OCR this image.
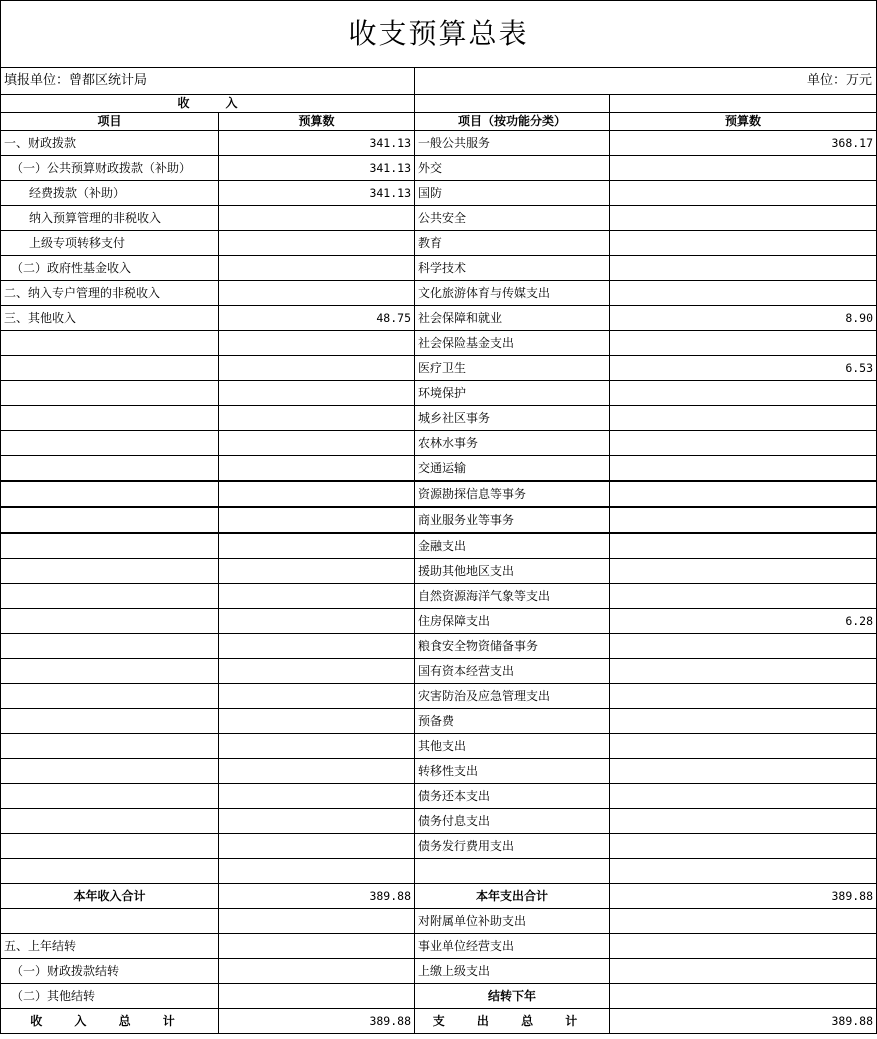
收支预算总表			
填报单位：曾都区统计局		单位：万元	
收　　　入			
项目	预算数	项目（按功能分类）	预算数
一、财政拨款	341.13	一般公共服务	368.17
（一）公共预算财政拨款（补助）	341.13	外交	
经费拨款（补助）	341.13	国防	
纳入预算管理的非税收入		公共安全	
上级专项转移支付		教育	
（二）政府性基金收入		科学技术	
二、纳入专户管理的非税收入		文化旅游体育与传媒支出	
三、其他收入	48.75	社会保障和就业	8.90
		社会保险基金支出	
		医疗卫生	6.53
		环境保护	
		城乡社区事务	
		农林水事务	
		交通运输	
		资源勘探信息等事务	
		商业服务业等事务	
		金融支出	
		援助其他地区支出	
		自然资源海洋气象等支出	
		住房保障支出	6.28
		粮食安全物资储备事务	
		国有资本经营支出	
		灾害防治及应急管理支出	
		预备费	
		其他支出	
		转移性支出	
		债务还本支出	
		债务付息支出	
		债务发行费用支出	

本年收入合计	389.88	本年支出合计	389.88
		对附属单位补助支出	
五、上年结转		事业单位经营支出	
（一）财政拨款结转		上缴上级支出	
（二）其他结转		结转下年	
收 入 总 计	389.88	支 出 总 计	389.88
